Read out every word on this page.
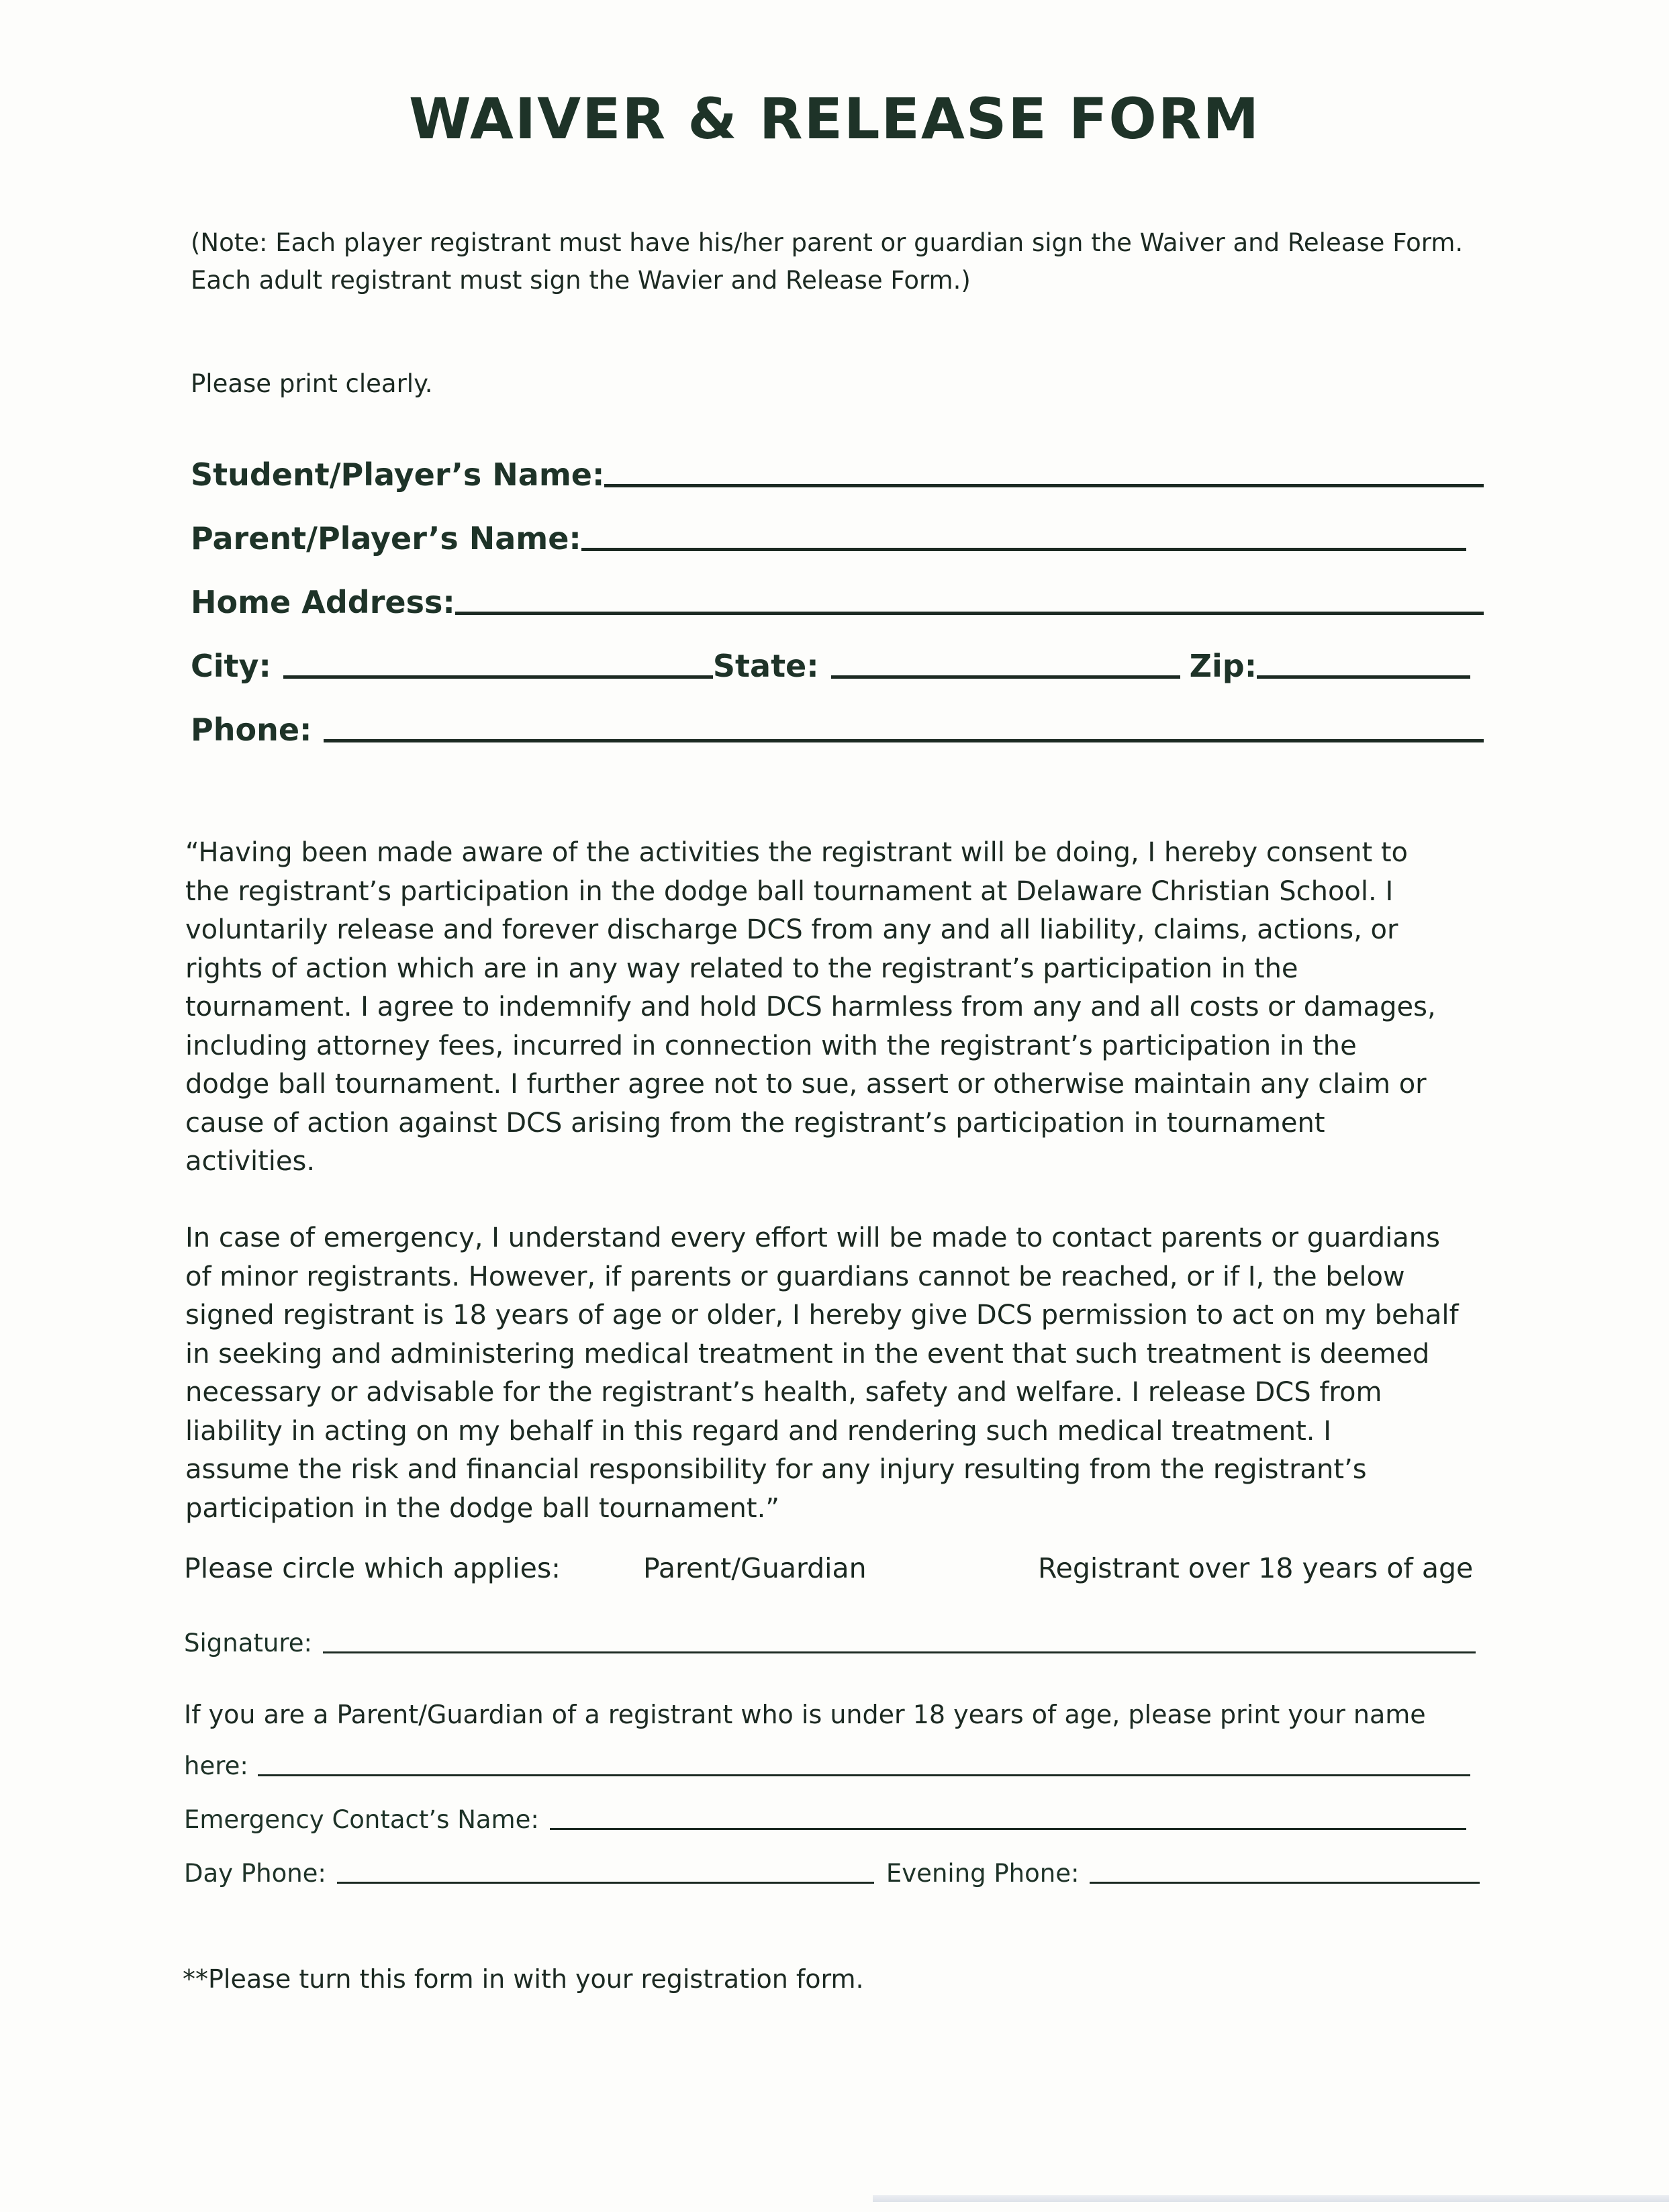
WAIVER & RELEASE FORM
(Note: Each player registrant must have his/her parent or guardian sign the Waiver and Release Form.
Each adult registrant must sign the Wavier and Release Form.)
Please print clearly.
Student/Player’s Name:
Parent/Player’s Name:
Home Address:
City:	State:	Zip:
Phone:
“Having been made aware of the activities the registrant will be doing, I hereby consent to
the registrant’s participation in the dodge ball tournament at Delaware Christian School. I
voluntarily release and forever discharge DCS from any and all liability, claims, actions, or
rights of action which are in any way related to the registrant’s participation in the
tournament. I agree to indemnify and hold DCS harmless from any and all costs or damages,
including attorney fees, incurred in connection with the registrant’s participation in the
dodge ball tournament. I further agree not to sue, assert or otherwise maintain any claim or
cause of action against DCS arising from the registrant’s participation in tournament
activities.
In case of emergency, I understand every effort will be made to contact parents or guardians
of minor registrants. However, if parents or guardians cannot be reached, or if I, the below
signed registrant is 18 years of age or older, I hereby give DCS permission to act on my behalf
in seeking and administering medical treatment in the event that such treatment is deemed
necessary or advisable for the registrant’s health, safety and welfare. I release DCS from
liability in acting on my behalf in this regard and rendering such medical treatment. I
assume the risk and financial responsibility for any injury resulting from the registrant’s
participation in the dodge ball tournament.”
Please circle which applies:	Parent/Guardian	Registrant over 18 years of age
Signature:
If you are a Parent/Guardian of a registrant who is under 18 years of age, please print your name
here:
Emergency Contact’s Name:
Day Phone:	Evening Phone:
**Please turn this form in with your registration form.
